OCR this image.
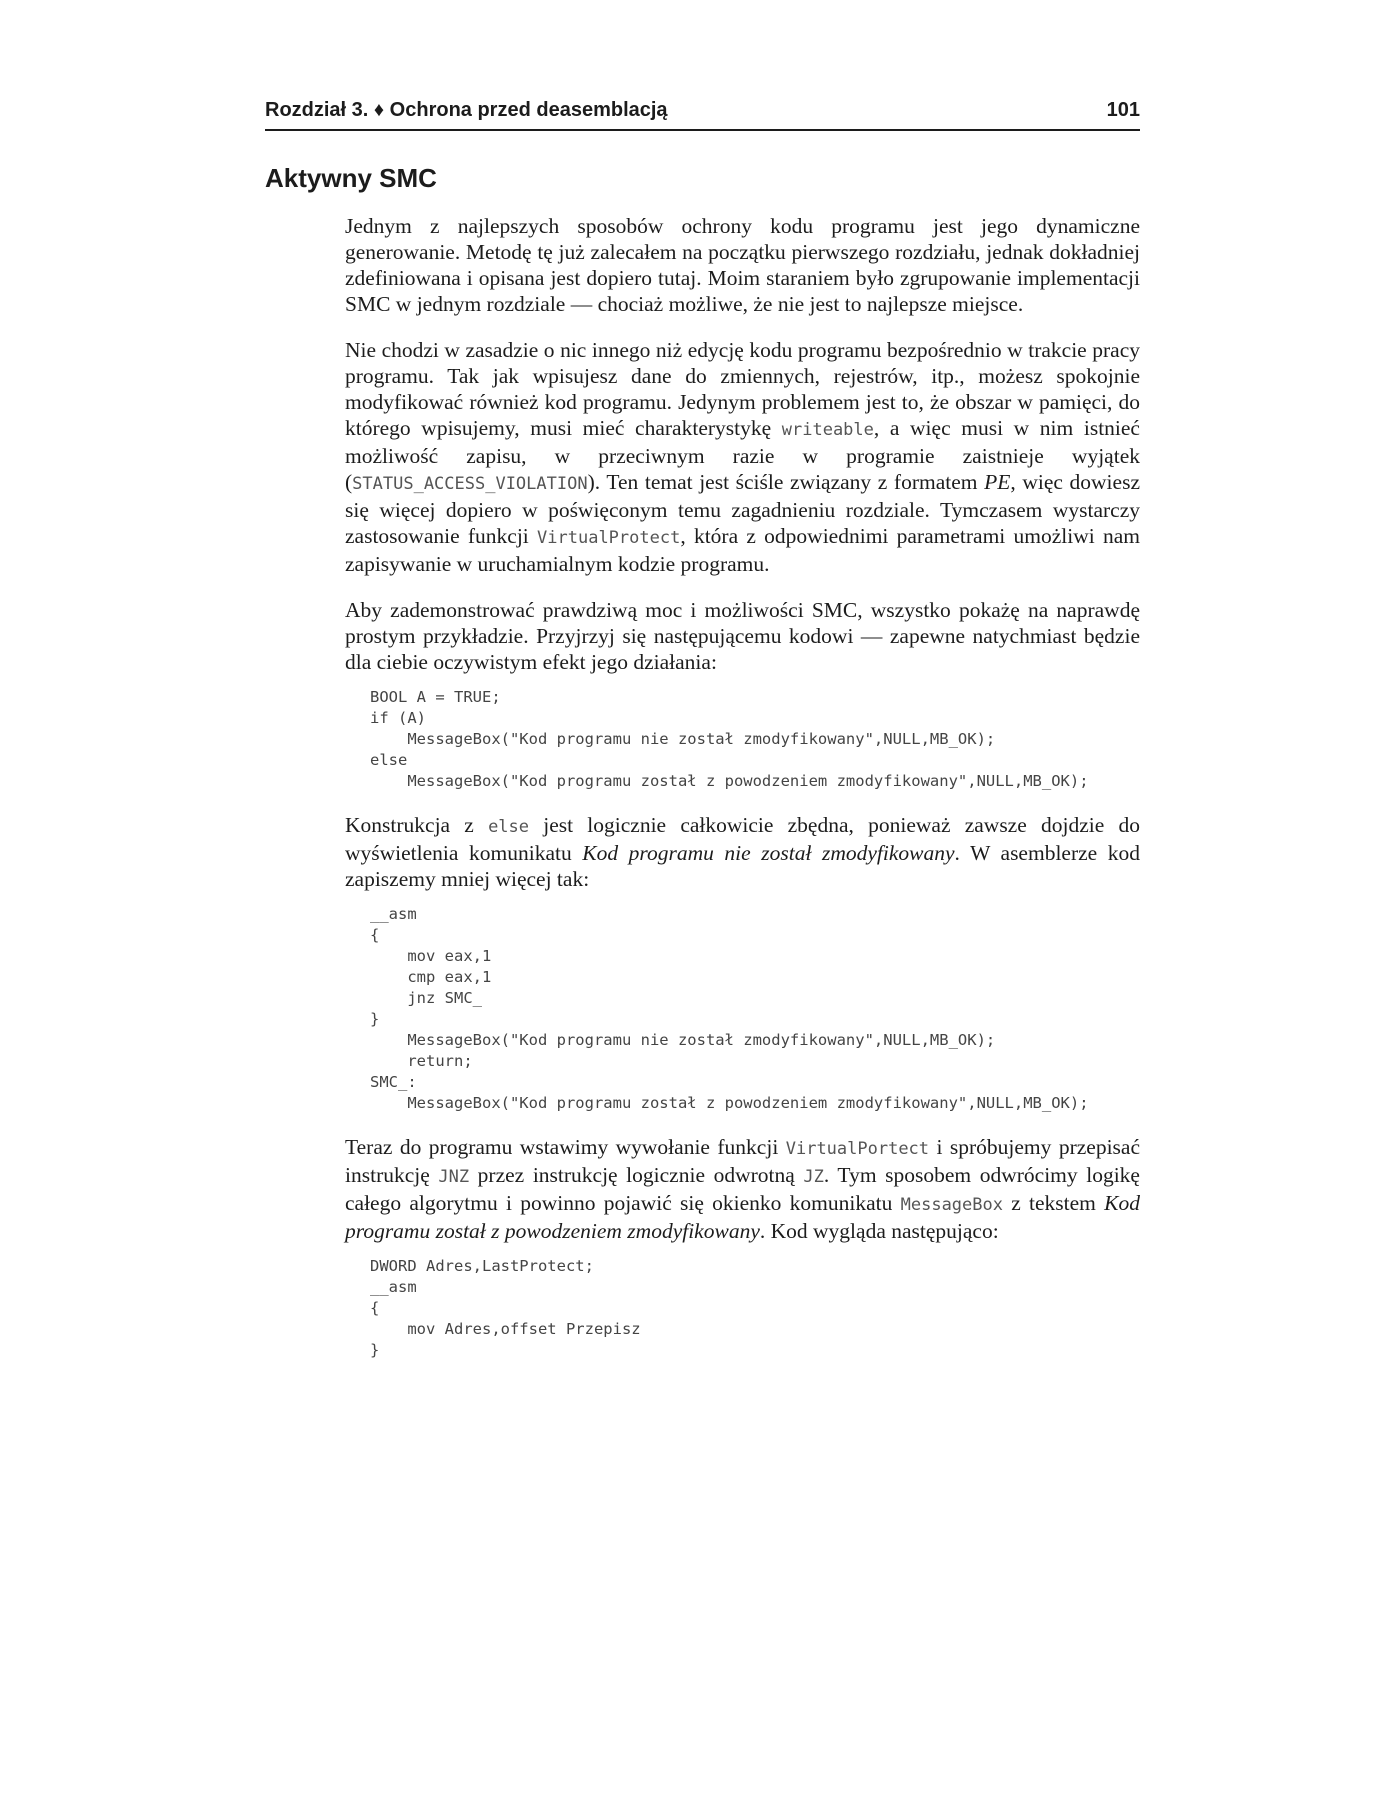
Rozdział 3. ♦ Ochrona przed deasemblacją	101
Aktywny SMC

Jednym z najlepszych sposobów ochrony kodu programu jest jego dynamiczne generowanie. Metodę tę już zalecałem na początku pierwszego rozdziału, jednak dokładniej zdefiniowana i opisana jest dopiero tutaj. Moim staraniem było zgrupowanie implementacji SMC w jednym rozdziale — chociaż możliwe, że nie jest to najlepsze miejsce.

Nie chodzi w zasadzie o nic innego niż edycję kodu programu bezpośrednio w trakcie pracy programu. Tak jak wpisujesz dane do zmiennych, rejestrów, itp., możesz spokojnie modyfikować również kod programu. Jedynym problemem jest to, że obszar w pamięci, do którego wpisujemy, musi mieć charakterystykę writeable, a więc musi w nim istnieć możliwość zapisu, w przeciwnym razie w programie zaistnieje wyjątek (STATUS_ACCESS_VIOLATION). Ten temat jest ściśle związany z formatem PE, więc dowiesz się więcej dopiero w poświęconym temu zagadnieniu rozdziale. Tymczasem wystarczy zastosowanie funkcji VirtualProtect, która z odpowiednimi parametrami umożliwi nam zapisywanie w uruchamialnym kodzie programu.

Aby zademonstrować prawdziwą moc i możliwości SMC, wszystko pokażę na naprawdę prostym przykładzie. Przyjrzyj się następującemu kodowi — zapewne natychmiast będzie dla ciebie oczywistym efekt jego działania:

BOOL A = TRUE;
if (A)
MessageBox("Kod programu nie został zmodyfikowany",NULL,MB_OK);
else
MessageBox("Kod programu został z powodzeniem zmodyfikowany",NULL,MB_OK);

Konstrukcja z else jest logicznie całkowicie zbędna, ponieważ zawsze dojdzie do wyświetlenia komunikatu Kod programu nie został zmodyfikowany. W asemblerze kod zapiszemy mniej więcej tak:

__asm
{
mov eax,1
cmp eax,1
jnz SMC_
}
MessageBox("Kod programu nie został zmodyfikowany",NULL,MB_OK);
return;
SMC_:
MessageBox("Kod programu został z powodzeniem zmodyfikowany",NULL,MB_OK);

Teraz do programu wstawimy wywołanie funkcji VirtualPortect i spróbujemy przepisać instrukcję JNZ przez instrukcję logicznie odwrotną JZ. Tym sposobem odwrócimy logikę całego algorytmu i powinno pojawić się okienko komunikatu MessageBox z tekstem Kod programu został z powodzeniem zmodyfikowany. Kod wygląda następująco:

DWORD Adres,LastProtect;
__asm
{
mov Adres,offset Przepisz
}
